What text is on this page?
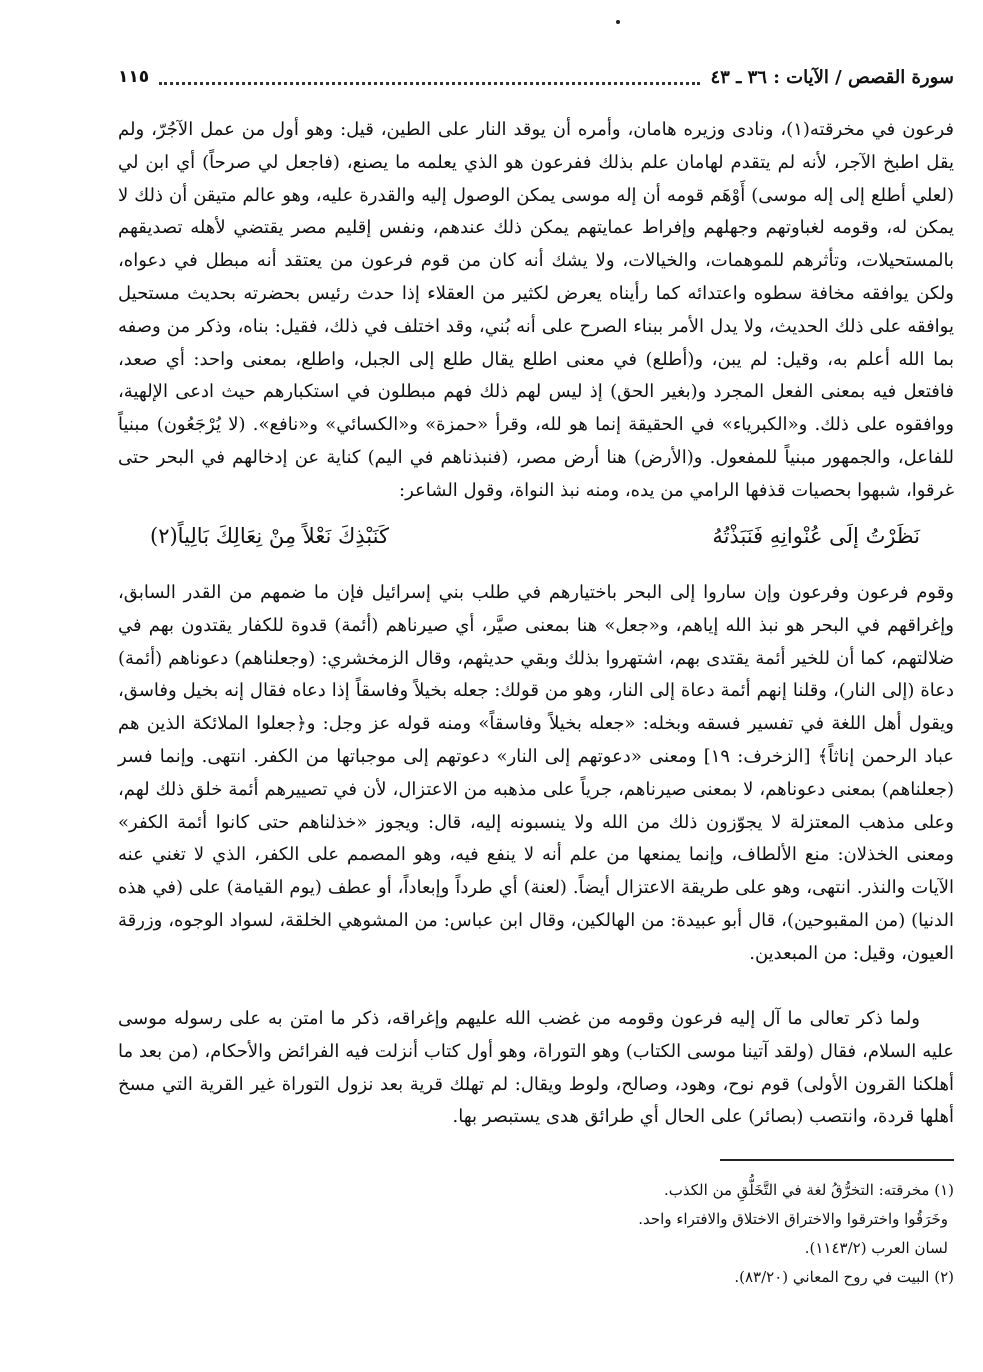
سورة القصص / الآيات : ٣٦ ـ ٤٣
١١٥

فرعون في مخرقته(١)، ونادى وزيره هامان، وأمره أن يوقد النار على الطين، قيل: وهو أول من عمل الآجُرّ، ولم يقل اطبخ الآجر، لأنه لم يتقدم لهامان علم بذلك ففرعون هو الذي يعلمه ما يصنع، (فاجعل لي صرحاً) أي ابن لي (لعلي أطلع إلى إله موسى) أَوْهَم قومه أن إله موسى يمكن الوصول إليه والقدرة عليه، وهو عالم متيقن أن ذلك لا يمكن له، وقومه لغباوتهم وجهلهم وإفراط عمايتهم يمكن ذلك عندهم، ونفس إقليم مصر يقتضي لأهله تصديقهم بالمستحيلات، وتأثرهم للموهمات، والخيالات، ولا يشك أنه كان من قوم فرعون من يعتقد أنه مبطل في دعواه، ولكن يوافقه مخافة سطوه واعتدائه كما رأيناه يعرض لكثير من العقلاء إذا حدث رئيس بحضرته بحديث مستحيل يوافقه على ذلك الحديث، ولا يدل الأمر ببناء الصرح على أنه بُني، وقد اختلف في ذلك، فقيل: بناه، وذكر من وصفه بما الله أعلم به، وقيل: لم يبن، و(أطلع) في معنى اطلع يقال طلع إلى الجبل، واطلع، بمعنى واحد: أي صعد، فافتعل فيه بمعنى الفعل المجرد و(بغير الحق) إذ ليس لهم ذلك فهم مبطلون في استكبارهم حيث ادعى الإلهية، ووافقوه على ذلك. و«الكبرياء» في الحقيقة إنما هو لله، وقرأ «حمزة» و«الكسائي» و«نافع». (لا يُرْجَعُون) مبنياً للفاعل، والجمهور مبنياً للمفعول. و(الأرض) هنا أرض مصر، (فنبذناهم في اليم) كناية عن إدخالهم في البحر حتى غرقوا، شبهوا بحصيات قذفها الرامي من يده، ومنه نبذ النواة، وقول الشاعر:

نَظَرْتُ إلَى عُنْوانِهِ فَنَبَذْتُهُ
كَنَبْذِكَ نَعْلاً مِنْ نِعَالِكَ بَالِياً(٢)

وقوم فرعون وفرعون وإن ساروا إلى البحر باختيارهم في طلب بني إسرائيل فإن ما ضمهم من القدر السابق، وإغراقهم في البحر هو نبذ الله إياهم، و«جعل» هنا بمعنى صيَّر، أي صيرناهم (أئمة) قدوة للكفار يقتدون بهم في ضلالتهم، كما أن للخير أئمة يقتدى بهم، اشتهروا بذلك وبقي حديثهم، وقال الزمخشري: (وجعلناهم) دعوناهم (أئمة) دعاة (إلى النار)، وقلنا إنهم أئمة دعاة إلى النار، وهو من قولك: جعله بخيلاً وفاسقاً إذا دعاه فقال إنه بخيل وفاسق، ويقول أهل اللغة في تفسير فسقه وبخله: «جعله بخيلاً وفاسقاً» ومنه قوله عز وجل: و﴿جعلوا الملائكة الذين هم عباد الرحمن إناثاً﴾ [الزخرف: ١٩] ومعنى «دعوتهم إلى النار» دعوتهم إلى موجباتها من الكفر. انتهى. وإنما فسر (جعلناهم) بمعنى دعوناهم، لا بمعنى صيرناهم، جرياً على مذهبه من الاعتزال، لأن في تصييرهم أئمة خلق ذلك لهم، وعلى مذهب المعتزلة لا يجوّزون ذلك من الله ولا ينسبونه إليه، قال: ويجوز «خذلناهم حتى كانوا أئمة الكفر» ومعنى الخذلان: منع الألطاف، وإنما يمنعها من علم أنه لا ينفع فيه، وهو المصمم على الكفر، الذي لا تغني عنه الآيات والنذر. انتهى، وهو على طريقة الاعتزال أيضاً. (لعنة) أي طرداً وإبعاداً، أو عطف (يوم القيامة) على (في هذه الدنيا) (من المقبوحين)، قال أبو عبيدة: من الهالكين، وقال ابن عباس: من المشوهي الخلقة، لسواد الوجوه، وزرقة العيون، وقيل: من المبعدين.

ولما ذكر تعالى ما آل إليه فرعون وقومه من غضب الله عليهم وإغراقه، ذكر ما امتن به على رسوله موسى عليه السلام، فقال (ولقد آتينا موسى الكتاب) وهو التوراة، وهو أول كتاب أنزلت فيه الفرائض والأحكام، (من بعد ما أهلكنا القرون الأولى) قوم نوح، وهود، وصالح، ولوط ويقال: لم تهلك قرية بعد نزول التوراة غير القرية التي مسخ أهلها قردة، وانتصب (بصائر) على الحال أي طرائق هدى يستبصر بها.

(١) مخرقته: التخرُّقُ لغة في التَّخَلُّقِ من الكذب.

وخَرَقُوا واخترقوا والاختراق الاختلاق والافتراء واحد.

لسان العرب (١١٤٣/٢).

(٢) البيت في روح المعاني (٨٣/٢٠).
